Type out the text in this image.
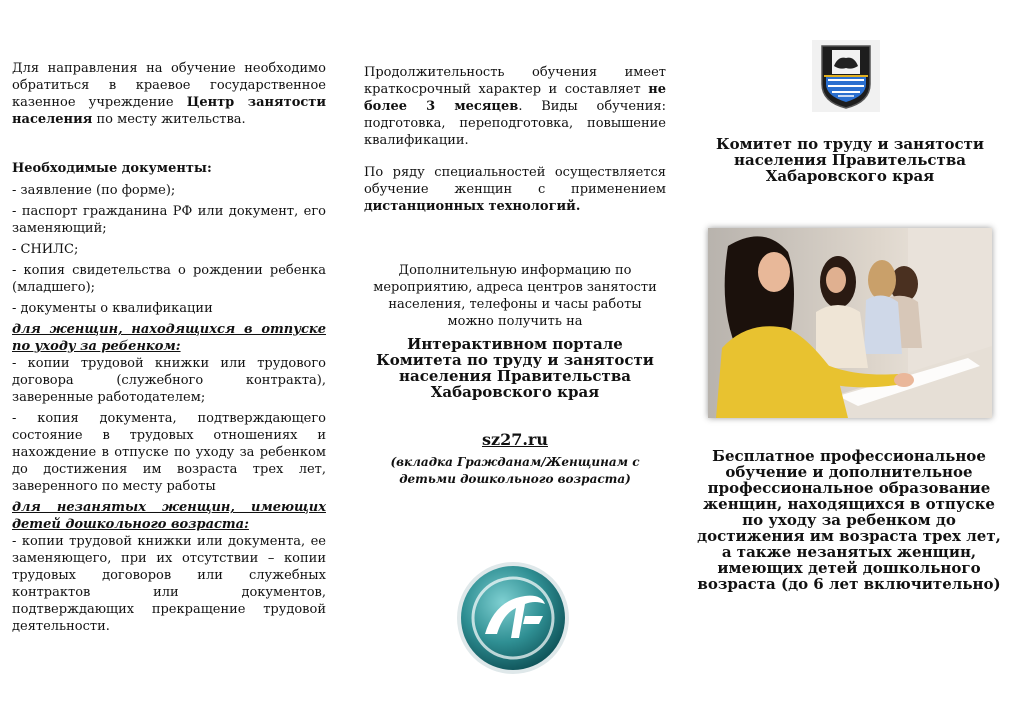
Для направления на обучение необходимо обратиться в краевое государственное казенное учреждение Центр занятости населения по месту жительства.

Необходимые документы:

- заявление (по форме);

- паспорт гражданина РФ или документ, его заменяющий;

- СНИЛС;

- копия свидетельства о рождении ребенка (младшего);

- документы о квалификации

для женщин, находящихся в отпуске по уходу за ребенком:

- копии трудовой книжки или трудового договора (служебного контракта), заверенные работодателем;

- копия документа, подтверждающего состояние в трудовых отношениях и нахождение в отпуске по уходу за ребенком до достижения им возраста трех лет, заверенного по месту работы

для незанятых женщин, имеющих детей дошкольного возраста:

- копии трудовой книжки или документа, ее заменяющего, при их отсутствии – копии трудовых договоров или служебных контрактов или документов, подтверждающих прекращение трудовой деятельности.

Продолжительность обучения имеет краткосрочный характер и составляет не более 3 месяцев. Виды обучения: подготовка, переподготовка, повышение квалификации.

По ряду специальностей осуществляется обучение женщин с применением дистанционных технологий.

Дополнительную информацию по мероприятию, адреса центров занятости населения, телефоны и часы работы можно получить на

Интерактивном портале Комитета по труду и занятости населения Правительства Хабаровского края

sz27.ru

(вкладка Гражданам/Женщинам с детьми дошкольного возраста)

Комитет по труду и занятости населения Правительства Хабаровского края
Бесплатное профессиональное обучение и дополнительное профессиональное образование женщин, находящихся в отпуске по уходу за ребенком до достижения им возраста трех лет, а также незанятых женщин, имеющих детей дошкольного возраста (до 6 лет включительно)
